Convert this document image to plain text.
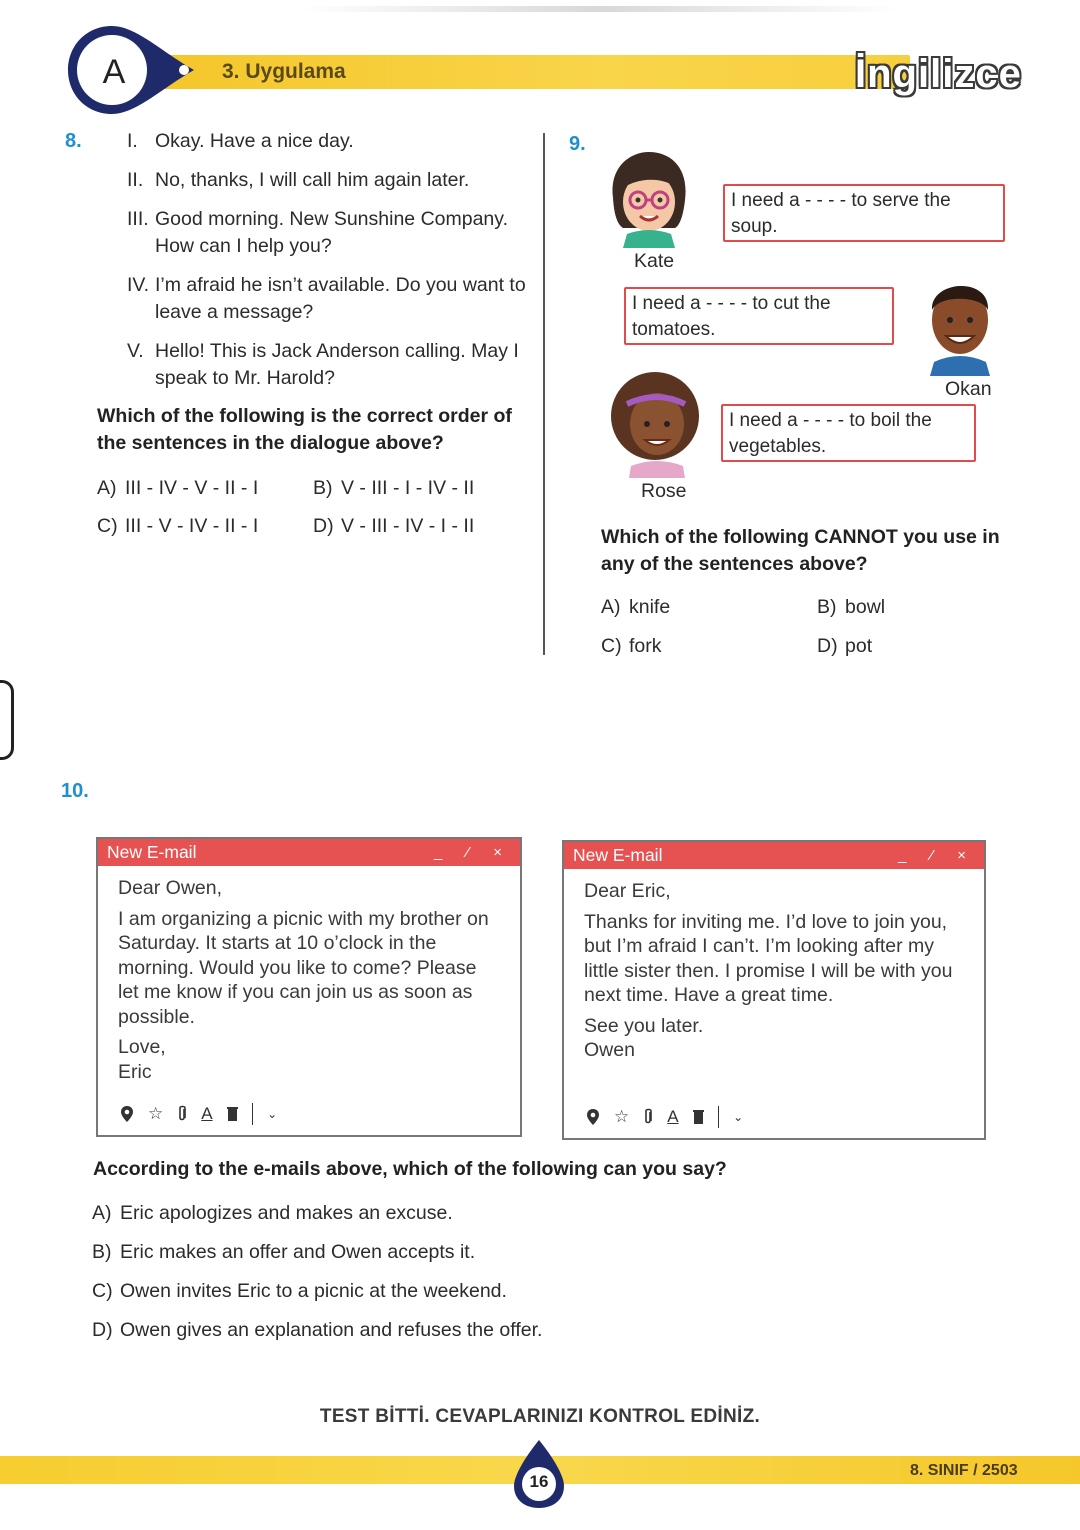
A	3. Uygulama	İngilizce
8. I. Okay. Have a nice day.
II. No, thanks, I will call him again later.
III. Good morning. New Sunshine Company. How can I help you?
IV. I’m afraid he isn’t available. Do you want to leave a message?
V. Hello! This is Jack Anderson calling. May I speak to Mr. Harold?
Which of the following is the correct order of the sentences in the dialogue above?
A) III - IV - V - II - I	B) V - III - I - IV - II
C) III - V - IV - II - I	D) V - III - IV - I - II
9.
Kate
I need a - - - - to serve the soup.
I need a - - - - to cut the tomatoes.
Okan
I need a - - - - to boil the vegetables.
Rose
Which of the following CANNOT you use in any of the sentences above?
A) knife	B) bowl
C) fork	D) pot
10.
New E-mail	_ ⁄ ×

Dear Owen,

I am organizing a picnic with my brother on Saturday. It starts at 10 o’clock in the morning. Would you like to come? Please let me know if you can join us as soon as possible.

Love,
Eric
☆ A	⌄
New E-mail	_ ⁄ ×

Dear Eric,

Thanks for inviting me. I’d love to join you, but I’m afraid I can’t. I’m looking after my little sister then. I promise I will be with you next time. Have a great time.

See you later.
Owen
☆ A	⌄
According to the e-mails above, which of the following can you say?
A) Eric apologizes and makes an excuse.
B) Eric makes an offer and Owen accepts it.
C) Owen invites Eric to a picnic at the weekend.
D) Owen gives an explanation and refuses the offer.
TEST BİTTİ. CEVAPLARINIZI KONTROL EDİNİZ.
16
8. SINIF / 2503
